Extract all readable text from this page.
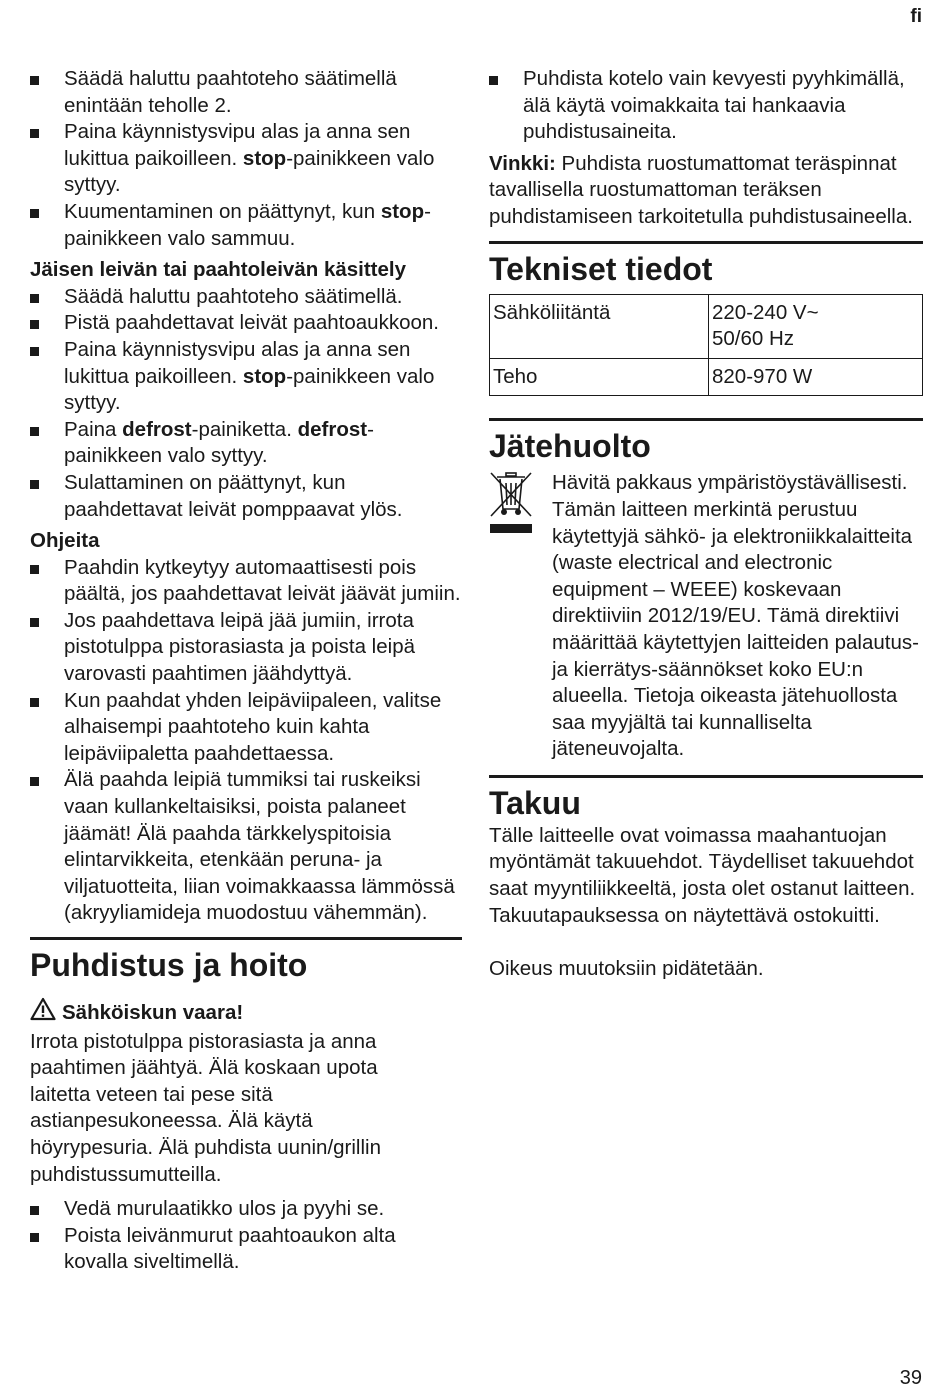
fi
Säädä haluttu paahtoteho säätimellä enintään teholle 2.
Paina käynnistysvipu alas ja anna sen lukittua paikoilleen. stop-painikkeen valo syttyy.
Kuumentaminen on päättynyt, kun stop-painikkeen valo sammuu.
Jäisen leivän tai paahtoleivän käsittely
Säädä haluttu paahtoteho säätimellä.
Pistä paahdettavat leivät paahtoaukkoon.
Paina käynnistysvipu alas ja anna sen lukittua paikoilleen. stop-painikkeen valo syttyy.
Paina defrost-painiketta. defrost-painikkeen valo syttyy.
Sulattaminen on päättynyt, kun paahdettavat leivät pomppaavat ylös.
Ohjeita
Paahdin kytkeytyy automaattisesti pois päältä, jos paahdettavat leivät jäävät jumiin.
Jos paahdettava leipä jää jumiin, irrota pistotulppa pistorasiasta ja poista leipä varovasti paahtimen jäähdyttyä.
Kun paahdat yhden leipäviipaleen, valitse alhaisempi paahtoteho kuin kahta leipäviipaletta paahdettaessa.
Älä paahda leipiä tummiksi tai ruskeiksi vaan kullankeltaisiksi, poista palaneet jäämät! Älä paahda tärkkelyspitoisia elintarvikkeita, etenkään peruna- ja viljatuotteita, liian voimakkaassa lämmössä (akryyliamideja muodostuu vähemmän).
Puhdistus ja hoito
Sähköiskun vaara!

Irrota pistotulppa pistorasiasta ja anna paahtimen jäähtyä. Älä koskaan upota laitetta veteen tai pese sitä astianpesukoneessa. Älä käytä höyrypesuria. Älä puhdista uunin/grillin puhdistussumutteilla.

Vedä murulaatikko ulos ja pyyhi se.
Poista leivänmurut paahtoaukon alta kovalla siveltimellä.
Puhdista kotelo vain kevyesti pyyhkimällä, älä käytä voimakkaita tai hankaavia puhdistusaineita.

Vinkki: Puhdista ruostumattomat teräspinnat tavallisella ruostumattoman teräksen puhdistamiseen tarkoitetulla puhdistusaineella.

Tekniset tiedot
Sähköliitäntä	220-240 V~
50/60 Hz

Teho	820-970 W
Jätehuolto

Hävitä pakkaus ympäristöystävällisesti. Tämän laitteen merkintä perustuu käytettyjä sähkö- ja elektroniikkalaitteita (waste electrical and electronic equipment – WEEE) koskevaan direktiiviin 2012/19/EU. Tämä direktiivi määrittää käytettyjen laitteiden palautus- ja kierrätys-säännökset koko EU:n alueella. Tietoja oikeasta jätehuollosta saa myyjältä tai kunnalliselta jäteneuvojalta.

Takuu

Tälle laitteelle ovat voimassa maahantuojan myöntämät takuuehdot. Täydelliset takuuehdot saat myyntiliikkeeltä, josta olet ostanut laitteen. Takuutapauksessa on näytettävä ostokuitti.

Oikeus muutoksiin pidätetään.

39
